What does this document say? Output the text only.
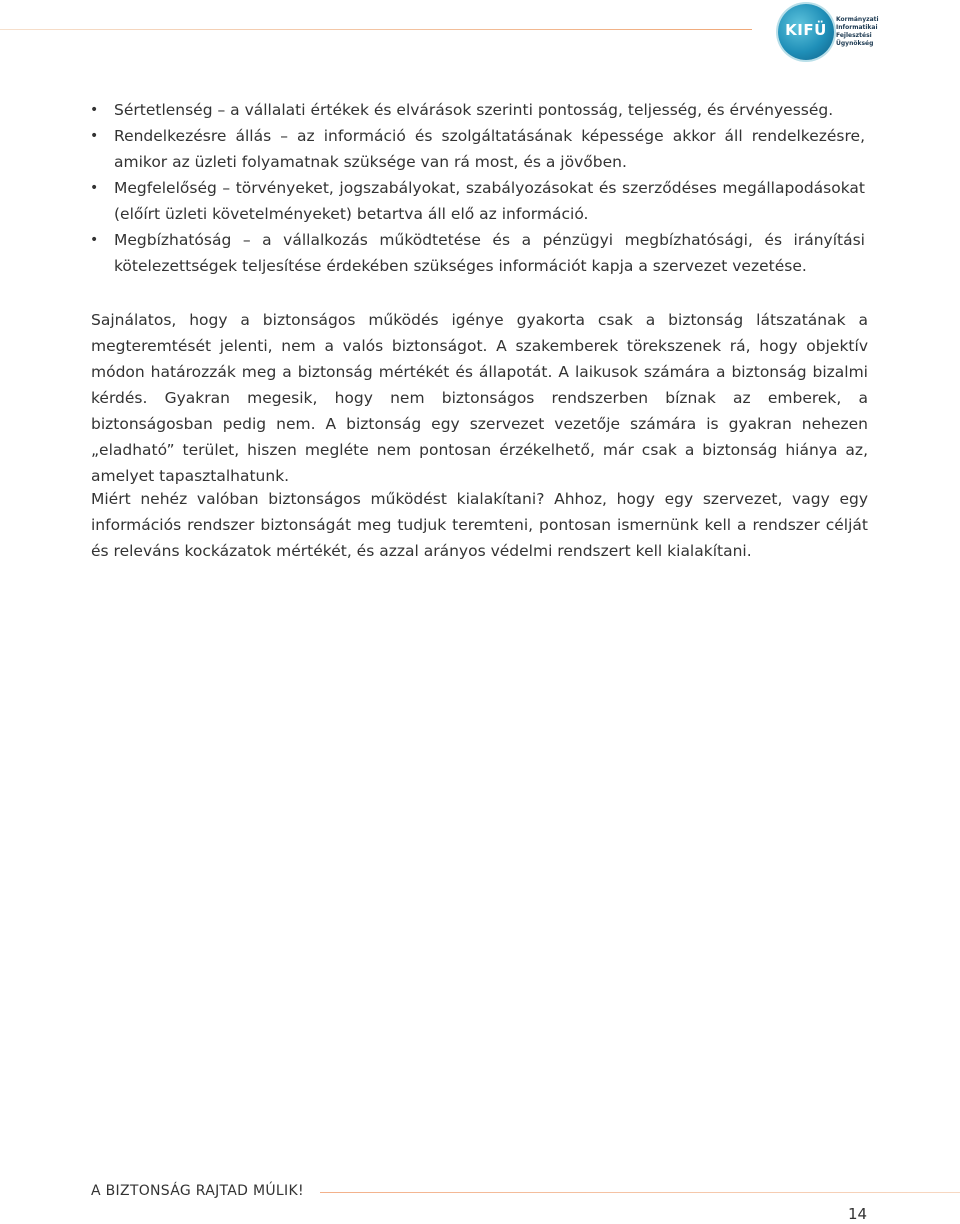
KIFÜ
Kormányzati
Informatikai
Fejlesztési
Ügynökség
• Sértetlenség – a vállalati értékek és elvárások szerinti pontosság, teljesség, és érvényesség.
• Rendelkezésre állás – az információ és szolgáltatásának képessége akkor áll rendelkezésre, amikor az üzleti folyamatnak szüksége van rá most, és a jövőben.
• Megfelelőség – törvényeket, jogszabályokat, szabályozásokat és szerződéses megállapodásokat (előírt üzleti követelményeket) betartva áll elő az információ.
• Megbízhatóság – a vállalkozás működtetése és a pénzügyi megbízhatósági, és irányítási kötelezettségek teljesítése érdekében szükséges információt kapja a szervezet vezetése.

Sajnálatos, hogy a biztonságos működés igénye gyakorta csak a biztonság látszatának a megteremtését jelenti, nem a valós biztonságot. A szakemberek törekszenek rá, hogy objektív módon határozzák meg a biztonság mértékét és állapotát. A laikusok számára a biztonság bizalmi kérdés. Gyakran megesik, hogy nem biztonságos rendszerben bíznak az emberek, a biztonságosban pedig nem. A biztonság egy szervezet vezetője számára is gyakran nehezen „eladható” terület, hiszen megléte nem pontosan érzékelhető, már csak a biztonság hiánya az, amelyet tapasztalhatunk.

Miért nehéz valóban biztonságos működést kialakítani? Ahhoz, hogy egy szervezet, vagy egy információs rendszer biztonságát meg tudjuk teremteni, pontosan ismernünk kell a rendszer célját és releváns kockázatok mértékét, és azzal arányos védelmi rendszert kell kialakítani.

A BIZTONSÁG RAJTAD MÚLIK!
14
